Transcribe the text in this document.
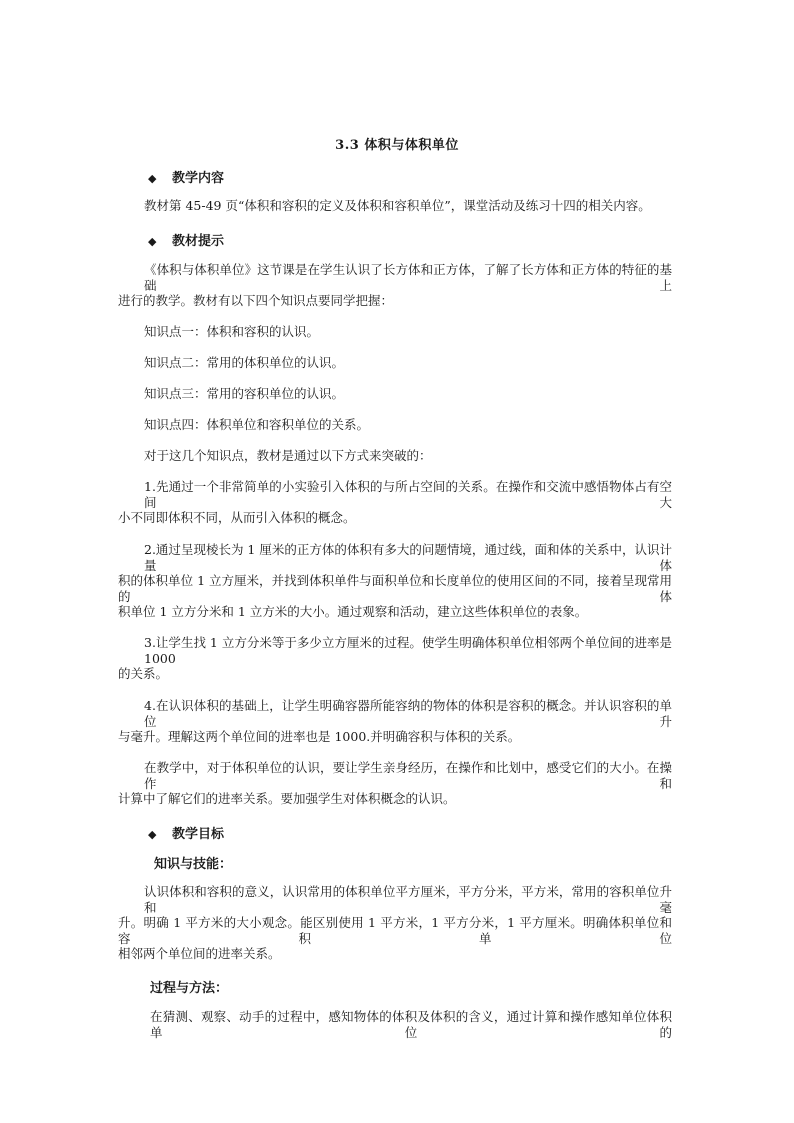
3.3 体积与体积单位
◆ 教学内容
教材第 45-49 页“体积和容积的定义及体积和容积单位”，课堂活动及练习十四的相关内容。
◆ 教材提示
《体积与体积单位》这节课是在学生认识了长方体和正方体，了解了长方体和正方体的特征的基础上
进行的教学。教材有以下四个知识点要同学把握：
知识点一：体积和容积的认识。
知识点二：常用的体积单位的认识。
知识点三：常用的容积单位的认识。
知识点四：体积单位和容积单位的关系。
对于这几个知识点，教材是通过以下方式来突破的：
1.先通过一个非常简单的小实验引入体积的与所占空间的关系。在操作和交流中感悟物体占有空间大
小不同即体积不同，从而引入体积的概念。
2.通过呈现棱长为 1 厘米的正方体的体积有多大的问题情境，通过线，面和体的关系中，认识计量体
积的体积单位 1 立方厘米，并找到体积单件与面积单位和长度单位的使用区间的不同，接着呈现常用的体
积单位 1 立方分米和 1 立方米的大小。通过观察和活动，建立这些体积单位的表象。
3.让学生找 1 立方分米等于多少立方厘米的过程。使学生明确体积单位相邻两个单位间的进率是 1000
的关系。
4.在认识体积的基础上，让学生明确容器所能容纳的物体的体积是容积的概念。并认识容积的单位升
与毫升。理解这两个单位间的进率也是 1000.并明确容积与体积的关系。
在教学中，对于体积单位的认识，要让学生亲身经历，在操作和比划中，感受它们的大小。在操作和
计算中了解它们的进率关系。要加强学生对体积概念的认识。
◆ 教学目标
知识与技能：
认识体积和容积的意义，认识常用的体积单位平方厘米，平方分米，平方米，常用的容积单位升和毫
升。明确 1 平方米的大小观念。能区别使用 1 平方米，1 平方分米，1 平方厘米。明确体积单位和容积单位
相邻两个单位间的进率关系。
过程与方法：
在猜测、观察、动手的过程中，感知物体的体积及体积的含义，通过计算和操作感知单位体积单位的
